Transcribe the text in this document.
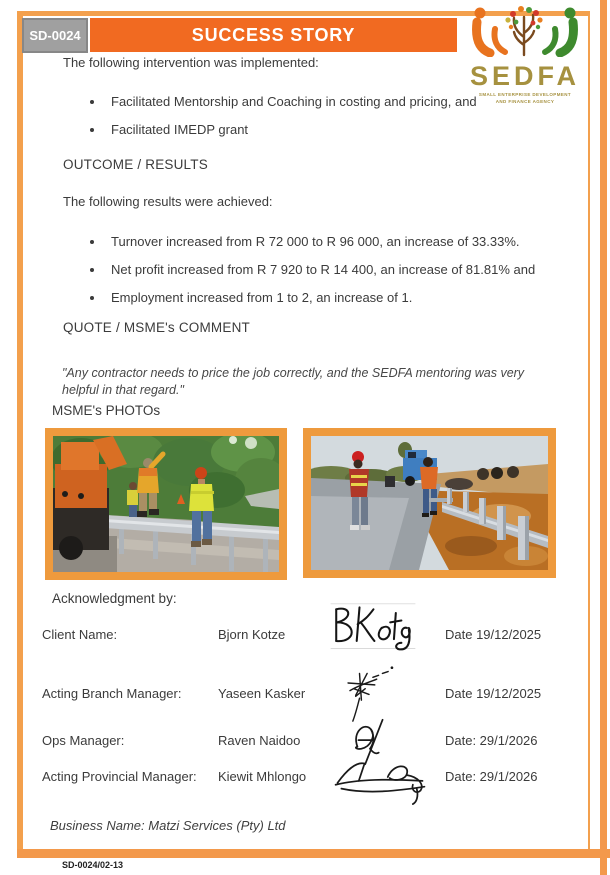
SD-0024	SUCCESS STORY
SEDFA
SMALL ENTERPRISE DEVELOPMENT
AND FINANCE AGENCY
The following intervention was implemented:
• Facilitated Mentorship and Coaching in costing and pricing, and
• Facilitated IMEDP grant
OUTCOME / RESULTS
The following results were achieved:
• Turnover increased from R 72 000 to R 96 000, an increase of 33.33%.
• Net profit increased from R 7 920 to R 14 400, an increase of 81.81% and
• Employment increased from 1 to 2, an increase of 1.
QUOTE / MSME's COMMENT
"Any contractor needs to price the job correctly, and the SEDFA mentoring was very helpful in that regard."
MSME's PHOTOs
Acknowledgment by:
Client Name:	Bjorn Kotze	Date 19/12/2025
Acting Branch Manager:	Yaseen Kasker	Date 19/12/2025
Ops Manager:	Raven Naidoo	Date: 29/1/2026
Acting Provincial Manager: Kiewit Mhlongo	Date: 29/1/2026
Business Name: Matzi Services (Pty) Ltd
SD-0024/02-13
